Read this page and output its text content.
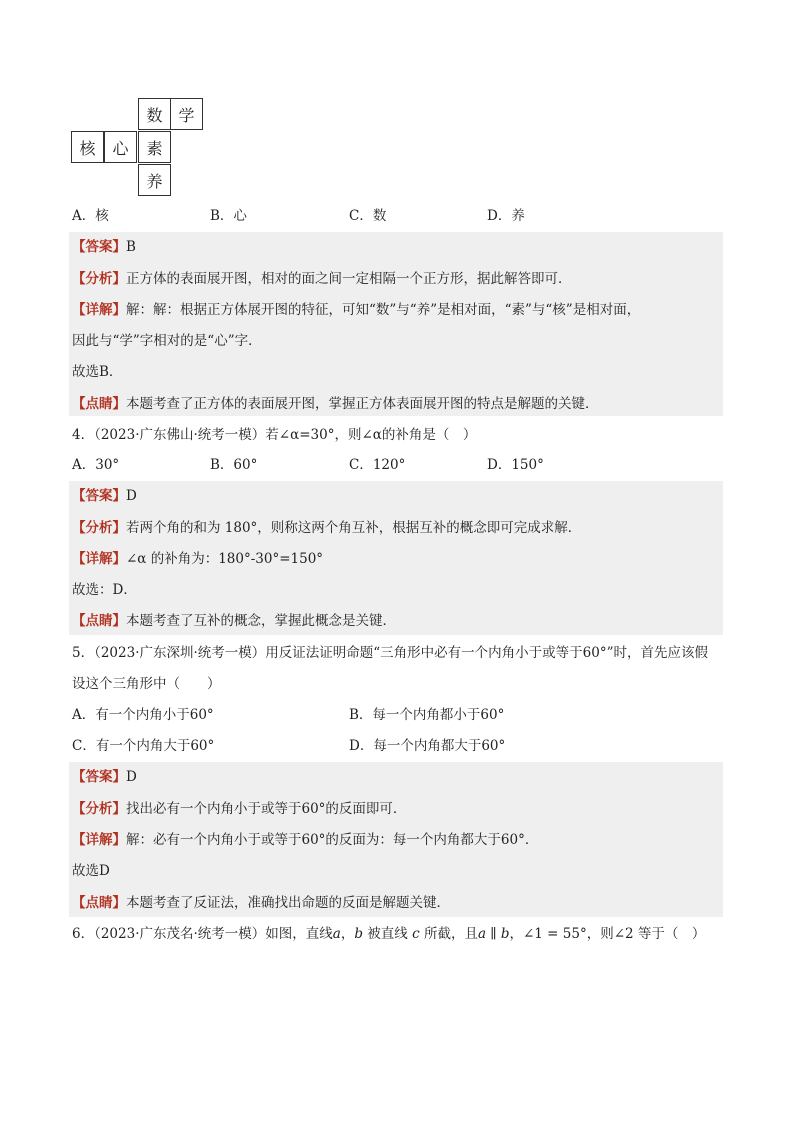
数 学
核	心	素
养
A．核	B．心	C．数	D．养
【答案】B
【分析】正方体的表面展开图，相对的面之间一定相隔一个正方形，据此解答即可．
【详解】解：解：根据正方体展开图的特征，可知“数”与“养”是相对面，“素”与“核”是相对面，
因此与“学”字相对的是“心”字．
故选B．
【点睛】本题考查了正方体的表面展开图，掌握正方体表面展开图的特点是解题的关键．
4．（2023·广东佛山·统考一模）若∠α=30°，则∠α的补角是（　）
A．30°	B．60°	C．120°	D．150°
【答案】D
【分析】若两个角的和为 180°，则称这两个角互补，根据互补的概念即可完成求解．
【详解】∠α 的补角为：180°-30°=150°
故选：D．
【点睛】本题考查了互补的概念，掌握此概念是关键．
5．（2023·广东深圳·统考一模）用反证法证明命题“三角形中必有一个内角小于或等于60°”时，首先应该假
设这个三角形中（　　）
A．有一个内角小于60°	B．每一个内角都小于60°
C．有一个内角大于60°	D．每一个内角都大于60°
【答案】D
【分析】找出必有一个内角小于或等于60°的反面即可．
【详解】解：必有一个内角小于或等于60°的反面为：每一个内角都大于60°．
故选D
【点睛】本题考查了反证法，准确找出命题的反面是解题关键．
6．（2023·广东茂名·统考一模）如图，直线a，b 被直线 c 所截，且a ∥ b，∠1 = 55°，则∠2 等于（　）
